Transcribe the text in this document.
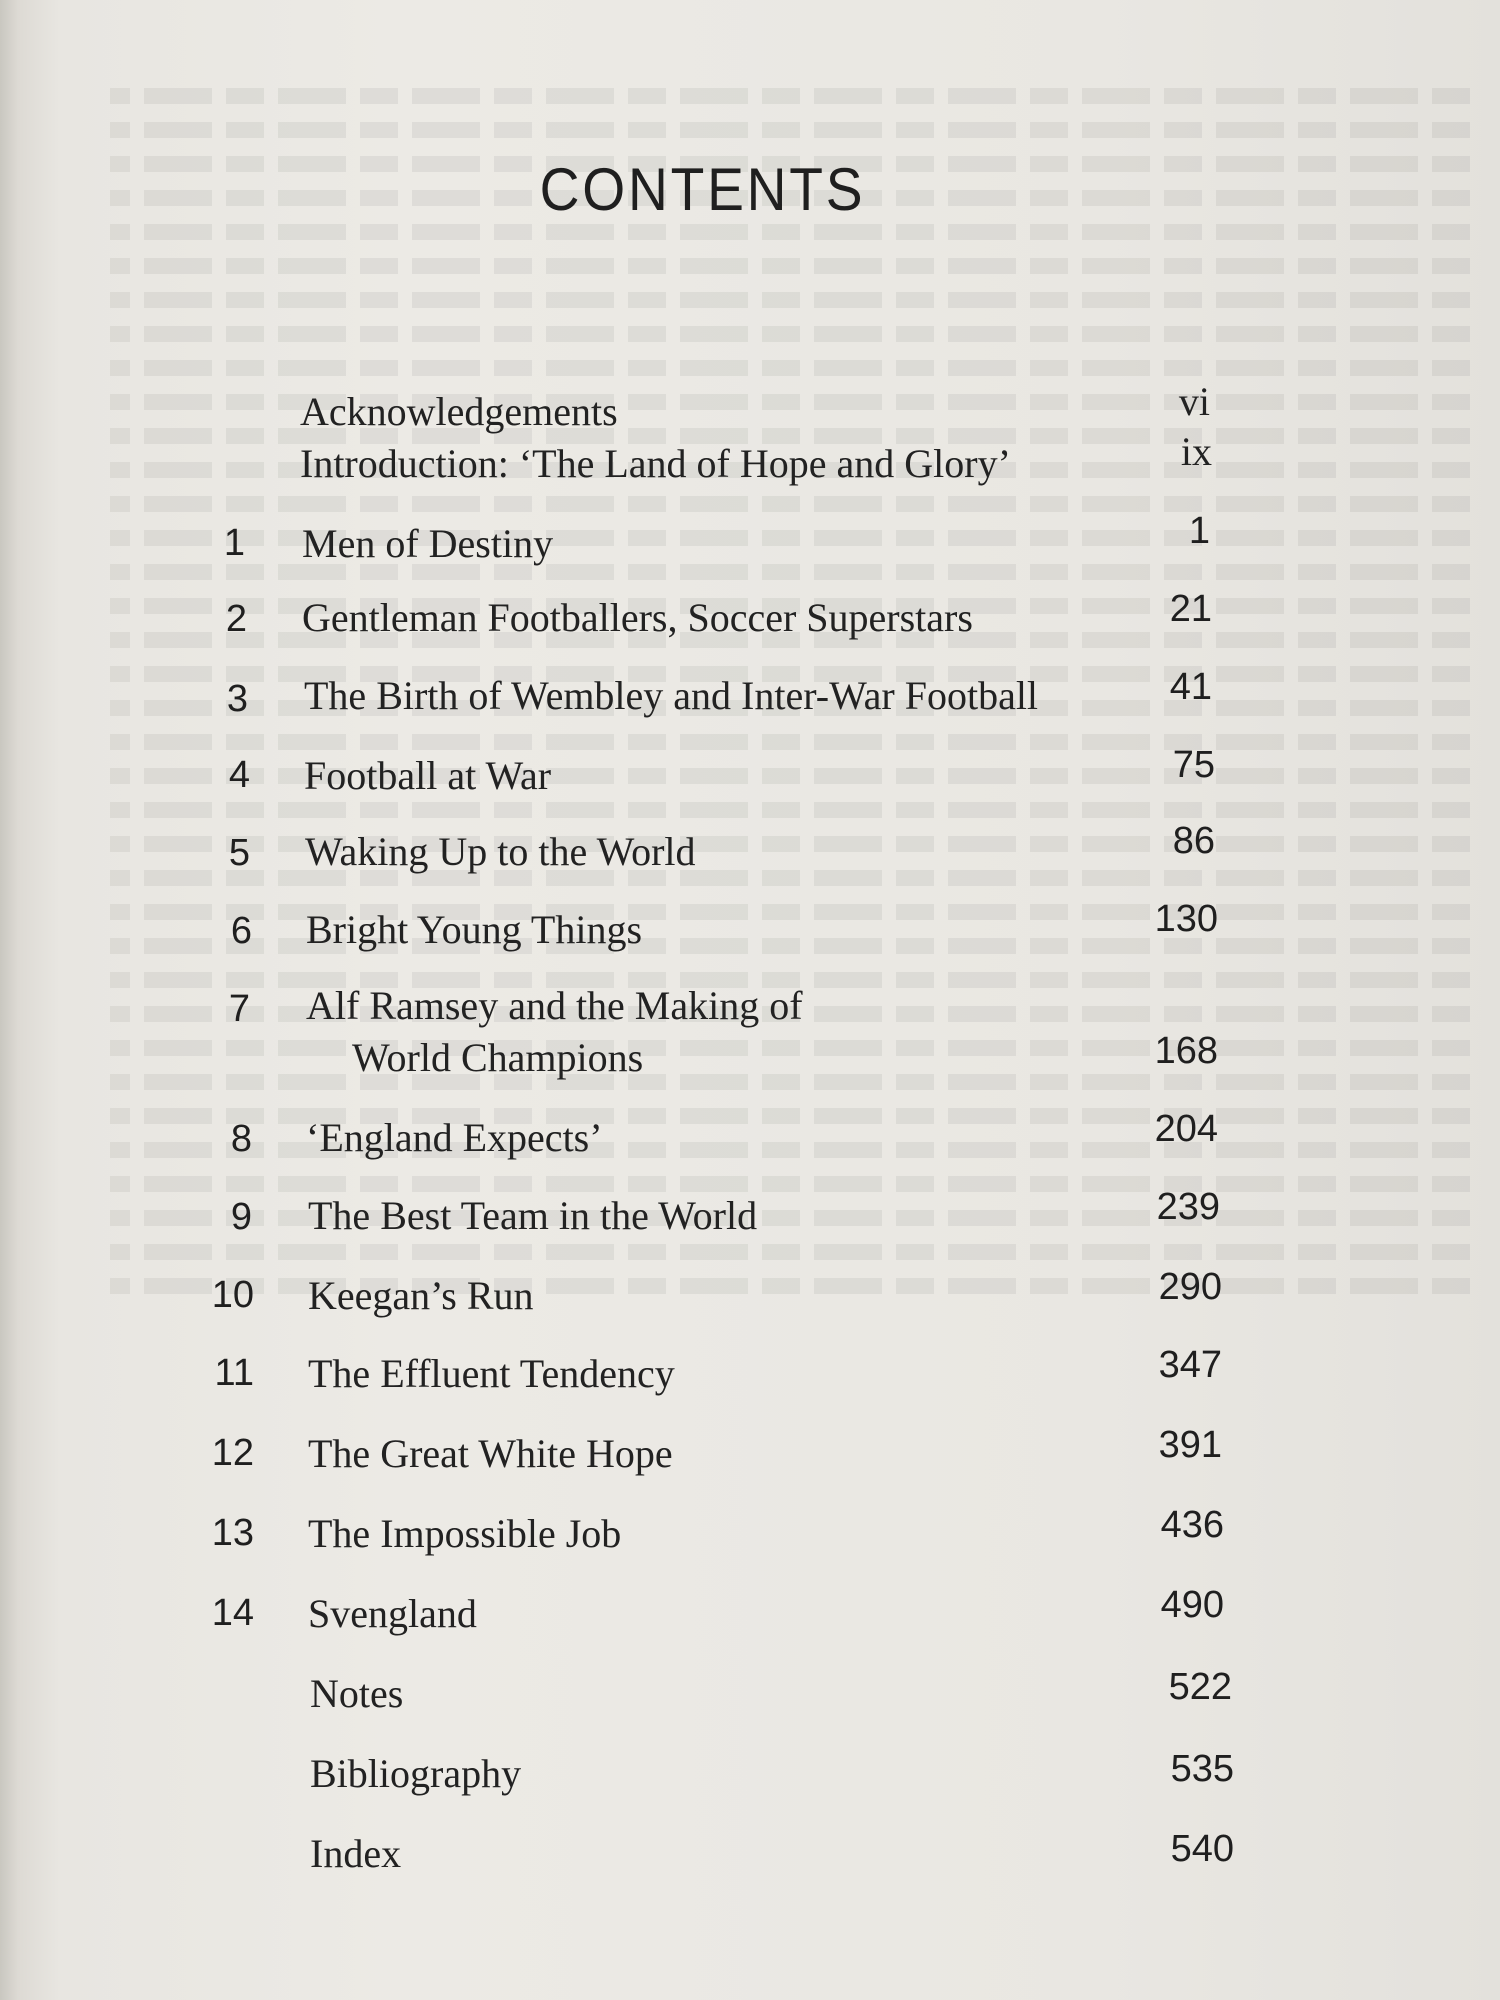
CONTENTS
Acknowledgements	vi
Introduction: ‘The Land of Hope and Glory’	ix
1 Men of Destiny	1
2 Gentleman Footballers, Soccer Superstars	21
3 The Birth of Wembley and Inter-War Football	41
4 Football at War	75
5 Waking Up to the World	86
6 Bright Young Things	130
7 Alf Ramsey and the Making of
World Champions	168
8 ‘England Expects’	204
9 The Best Team in the World	239
10 Keegan’s Run	290
11 The Effluent Tendency	347
12 The Great White Hope	391
13 The Impossible Job	436
14 Svengland	490
Notes	522
Bibliography	535
Index	540
